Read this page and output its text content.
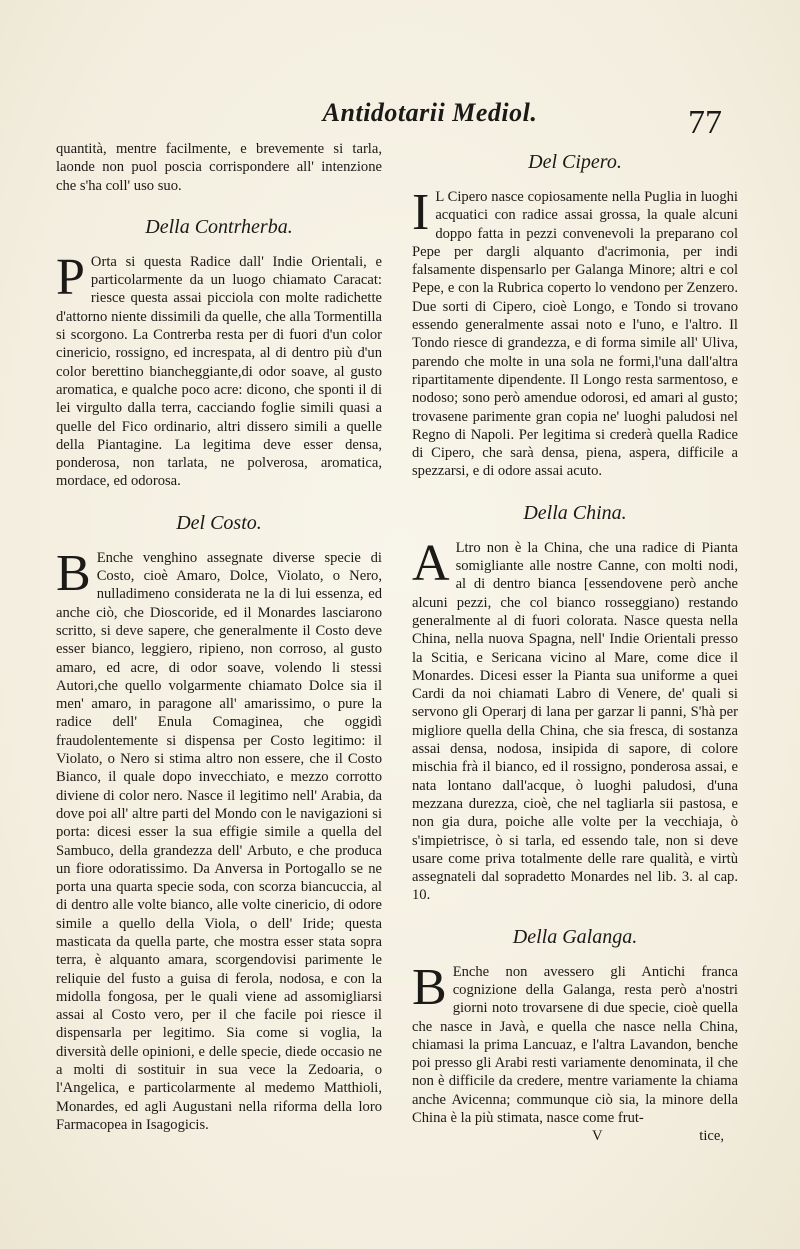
Antidotarii Mediol.	77

quantità, mentre facilmente, e brevemente si tarla, laonde non puol poscia corrispondere all' intenzione che s'ha coll' uso suo.

Della Contrherba.

P Orta si questa Radice dall' Indie Orientali, e particolarmente da un luogo chiamato Caracat: riesce questa assai picciola con molte radichette d'attorno niente dissimili da quelle, che alla Tormentilla si scorgono. La Contrerba resta per di fuori d'un color cinericio, rossigno, ed increspata, al di dentro più d'un color berettino biancheggiante,di odor soave, al gusto aromatica, e qualche poco acre: dicono, che sponti il di lei virgulto dalla terra, cacciando foglie simili quasi a quelle del Fico ordinario, altri dissero simili a quelle della Piantagine. La legitima deve esser densa, ponderosa, non tarlata, ne polverosa, aromatica, mordace, ed odorosa.

Del Costo.

B Enche venghino assegnate diverse specie di Costo, cioè Amaro, Dolce, Violato, o Nero, nulladimeno considerata ne la di lui essenza, ed anche ciò, che Dioscoride, ed il Monardes lasciarono scritto, si deve sapere, che generalmente il Costo deve esser bianco, leggiero, ripieno, non corroso, al gusto amaro, ed acre, di odor soave, volendo li stessi Autori,che quello volgarmente chiamato Dolce sia il men' amaro, in paragone all' amarissimo, o pure la radice dell' Enula Comaginea, che oggidì fraudolentemente si dispensa per Costo legitimo: il Violato, o Nero si stima altro non essere, che il Costo Bianco, il quale dopo invecchiato, e mezzo corrotto diviene di color nero. Nasce il legitimo nell' Arabia, da dove poi all' altre parti del Mondo con le navigazioni si porta: dicesi esser la sua effigie simile a quella del Sambuco, della grandezza dell' Arbuto, e che produca un fiore odoratissimo. Da Anversa in Portogallo se ne porta una quarta specie soda, con scorza biancuccia, al di dentro alle volte bianco, alle volte cinericio, di odore simile a quello della Viola, o dell' Iride; questa masticata da quella parte, che mostra esser stata sopra terra, è alquanto amara, scorgendovisi parimente le reliquie del fusto a guisa di ferola, nodosa, e con la midolla fongosa, per le quali viene ad assomigliarsi assai al Costo vero, per il che facile poi riesce il dispensarla per legitimo. Sia come si voglia, la diversità delle opinioni, e delle specie, diede occasio ne a molti di sostituir in sua vece la Zedoaria, o l'Angelica, e particolarmente al medemo Matthioli, Monardes, ed agli Augustani nella riforma della loro Farmacopea in Isagogicis.

Del Cipero.

I L Cipero nasce copiosamente nella Puglia in luoghi acquatici con radice assai grossa, la quale alcuni doppo fatta in pezzi convenevoli la preparano col Pepe per dargli alquanto d'acrimonia, per indi falsamente dispensarlo per Galanga Minore; altri e col Pepe, e con la Rubrica coperto lo vendono per Zenzero. Due sorti di Cipero, cioè Longo, e Tondo si trovano essendo generalmente assai noto e l'uno, e l'altro. Il Tondo riesce di grandezza, e di forma simile all' Uliva, parendo che molte in una sola ne formi,l'una dall'altra ripartitamente dipendente. Il Longo resta sarmentoso, e nodoso; sono però amendue odorosi, ed amari al gusto; trovasene parimente gran copia ne' luoghi paludosi nel Regno di Napoli. Per legitima si crederà quella Radice di Cipero, che sarà densa, piena, aspera, difficile a spezzarsi, e di odore assai acuto.

Della China.

A Ltro non è la China, che una radice di Pianta somigliante alle nostre Canne, con molti nodi, al di dentro bianca [essendovene però anche alcuni pezzi, che col bianco rosseggiano) restando generalmente al di fuori colorata. Nasce questa nella China, nella nuova Spagna, nell' Indie Orientali presso la Scitia, e Sericana vicino al Mare, come dice il Monardes. Dicesi esser la Pianta sua uniforme a quei Cardi da noi chiamati Labro di Venere, de' quali si servono gli Operarj di lana per garzar li panni, S'hà per migliore quella della China, che sia fresca, di sostanza assai densa, nodosa, insipida di sapore, di colore mischia frà il bianco, ed il rossigno, ponderosa assai, e nata lontano dall'acque, ò luoghi paludosi, d'una mezzana durezza, cioè, che nel tagliarla sii pastosa, e non gia dura, poiche alle volte per la vecchiaja, ò s'impietrisce, ò si tarla, ed essendo tale, non si deve usare come priva totalmente delle rare qualità, e virtù assegnateli dal sopradetto Monardes nel lib. 3. al cap. 10.

Della Galanga.

B Enche non avessero gli Antichi franca cognizione della Galanga, resta però a'nostri giorni noto trovarsene di due specie, cioè quella che nasce in Javà, e quella che nasce nella China, chiamasi la prima Lancuaz, e l'altra Lavandon, benche poi presso gli Arabi resti variamente denominata, il che non è difficile da credere, mentre variamente la chiama anche Avicenna; communque ciò sia, la minore della China è la più stimata, nasce come frut-

V	tice,
